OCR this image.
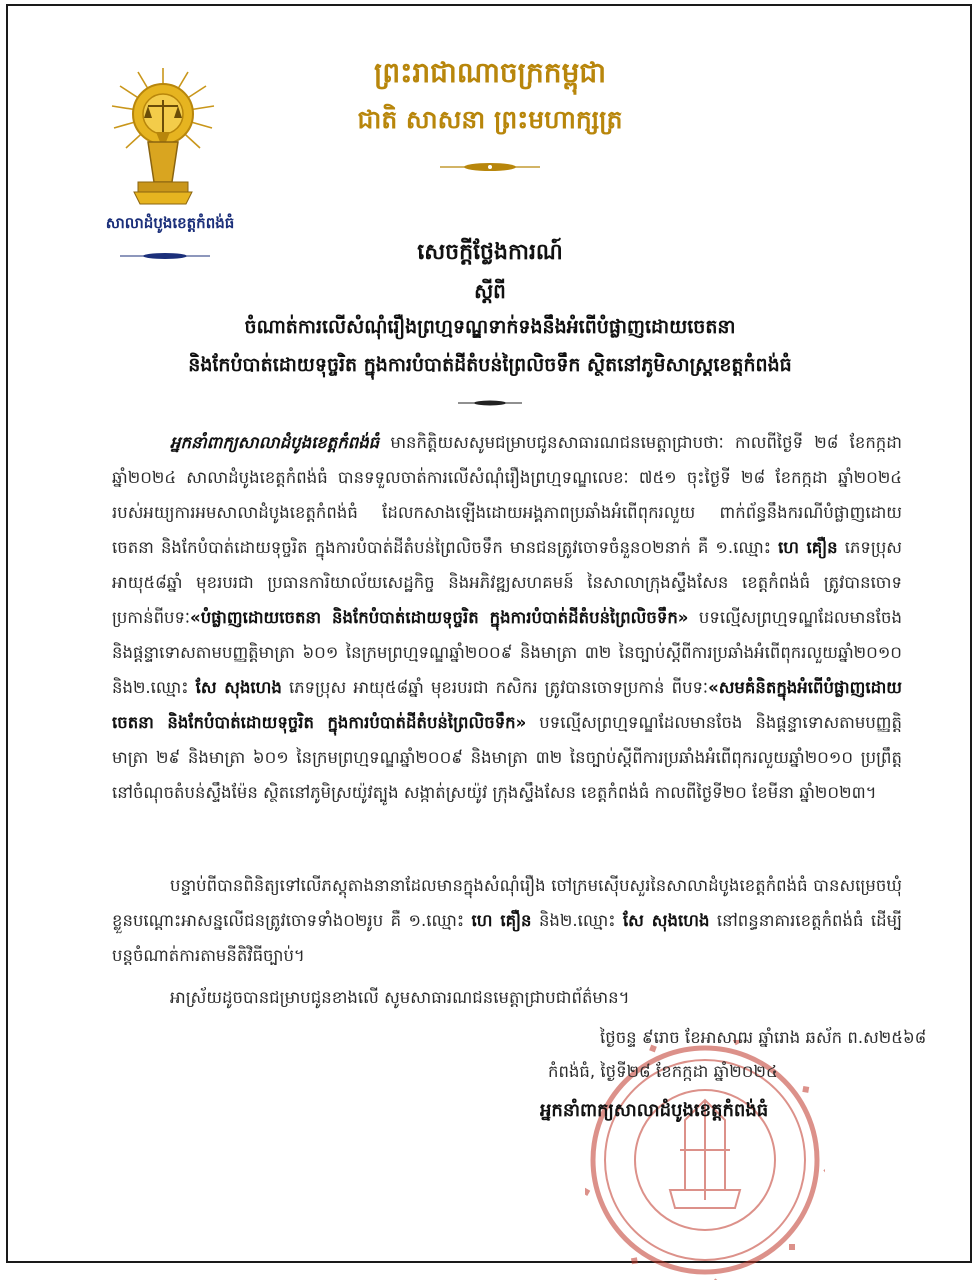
សាលាដំបូងខេត្តកំពង់ធំ
ព្រះរាជាណាចក្រកម្ពុជា
ជាតិ សាសនា ព្រះមហាក្សត្រ
សេចក្តីថ្លែងការណ៍
ស្តីពី
ចំណាត់ការលើសំណុំរឿងព្រហ្មទណ្ឌទាក់ទងនឹងអំពើបំផ្លាញដោយចេតនា
និងកែបំបាត់ដោយទុច្ចរិត ក្នុងការបំបាត់ដីតំបន់ព្រៃលិចទឹក ស្ថិតនៅភូមិសាស្ត្រខេត្តកំពង់ធំ
អ្នកនាំពាក្យសាលាដំបូងខេត្តកំពង់ធំ មានកិត្តិយសសូមជម្រាបជូនសាធារណជនមេត្តាជ្រាបថាៈ កាលពីថ្ងៃទី ២៨ ខែកក្កដា ឆ្នាំ២០២៤ សាលាដំបូងខេត្តកំពង់ធំ បានទទួលចាត់ការលើសំណុំរឿងព្រហ្មទណ្ឌលេខៈ ៧៥១ ចុះថ្ងៃទី ២៨ ខែកក្កដា ឆ្នាំ២០២៤ របស់អយ្យការអមសាលាដំបូងខេត្តកំពង់ធំ ដែលកសាងឡើងដោយអង្គភាពប្រឆាំងអំពើពុករលួយ ពាក់ព័ន្ធនឹងករណីបំផ្លាញដោយចេតនា និងកែបំបាត់ដោយទុច្ចរិត ក្នុងការបំបាត់ដីតំបន់ព្រៃលិចទឹក មានជនត្រូវចោទចំនួន០២នាក់ គឺ ១.ឈ្មោះ ហេ គឿន ភេទប្រុស អាយុ៥៨ឆ្នាំ មុខរបរជា ប្រធានការិយាល័យសេដ្ឋកិច្ច និងអភិវឌ្ឍសហគមន៍ នៃសាលាក្រុងស្ទឹងសែន ខេត្តកំពង់ធំ ត្រូវបានចោទប្រកាន់ពីបទៈ«បំផ្លាញដោយចេតនា និងកែបំបាត់ដោយទុច្ចរិត ក្នុងការបំបាត់ដីតំបន់ព្រៃលិចទឹក» បទល្មើសព្រហ្មទណ្ឌដែលមានចែង និងផ្តន្ទាទោសតាមបញ្ញត្តិមាត្រា ៦០១ នៃក្រមព្រហ្មទណ្ឌឆ្នាំ២០០៩ និងមាត្រា ៣២ នៃច្បាប់ស្តីពីការប្រឆាំងអំពើពុករលួយឆ្នាំ២០១០ និង២.ឈ្មោះ សែ សុងហេង ភេទប្រុស អាយុ៥៨ឆ្នាំ មុខរបរជា កសិករ ត្រូវបានចោទប្រកាន់ ពីបទៈ«សមគំនិតក្នុងអំពើបំផ្លាញដោយចេតនា និងកែបំបាត់ដោយទុច្ចរិត ក្នុងការបំបាត់ដីតំបន់ព្រៃលិចទឹក» បទល្មើសព្រហ្មទណ្ឌដែលមានចែង និងផ្តន្ទាទោសតាមបញ្ញត្តិមាត្រា ២៩ និងមាត្រា ៦០១ នៃក្រមព្រហ្មទណ្ឌឆ្នាំ២០០៩ និងមាត្រា ៣២ នៃច្បាប់ស្តីពីការប្រឆាំងអំពើពុករលួយឆ្នាំ២០១០ ប្រព្រឹត្តនៅចំណុចតំបន់ស្ទឹងម៉ែន ស្ថិតនៅភូមិស្រយ៉ូវត្បូង សង្កាត់ស្រយ៉ូវ ក្រុងស្ទឹងសែន ខេត្តកំពង់ធំ កាលពីថ្ងៃទី២០ ខែមីនា ឆ្នាំ២០២៣។
បន្ទាប់ពីបានពិនិត្យទៅលើភស្តុតាងនានាដែលមានក្នុងសំណុំរឿង ចៅក្រមស៊ើបសួរនៃសាលាដំបូងខេត្តកំពង់ធំ បានសម្រេចឃុំខ្លួនបណ្តោះអាសន្នលើជនត្រូវចោទទាំង០២រូប គឺ ១.ឈ្មោះ ហេ គឿន និង២.ឈ្មោះ សែ សុងហេង នៅពន្ធនាគារខេត្តកំពង់ធំ ដើម្បីបន្តចំណាត់ការតាមនីតិវិធីច្បាប់។
អាស្រ័យដូចបានជម្រាបជូនខាងលើ សូមសាធារណជនមេត្តាជ្រាបជាព័ត៌មាន។
ថ្ងៃចន្ទ ៩រោច ខែអាសាឍ ឆ្នាំរោង ឆស័ក ព.ស២៥៦៨
កំពង់ធំ, ថ្ងៃទី២៨ ខែកក្កដា ឆ្នាំ២០២៤
អ្នកនាំពាក្យសាលាដំបូងខេត្តកំពង់ធំ
